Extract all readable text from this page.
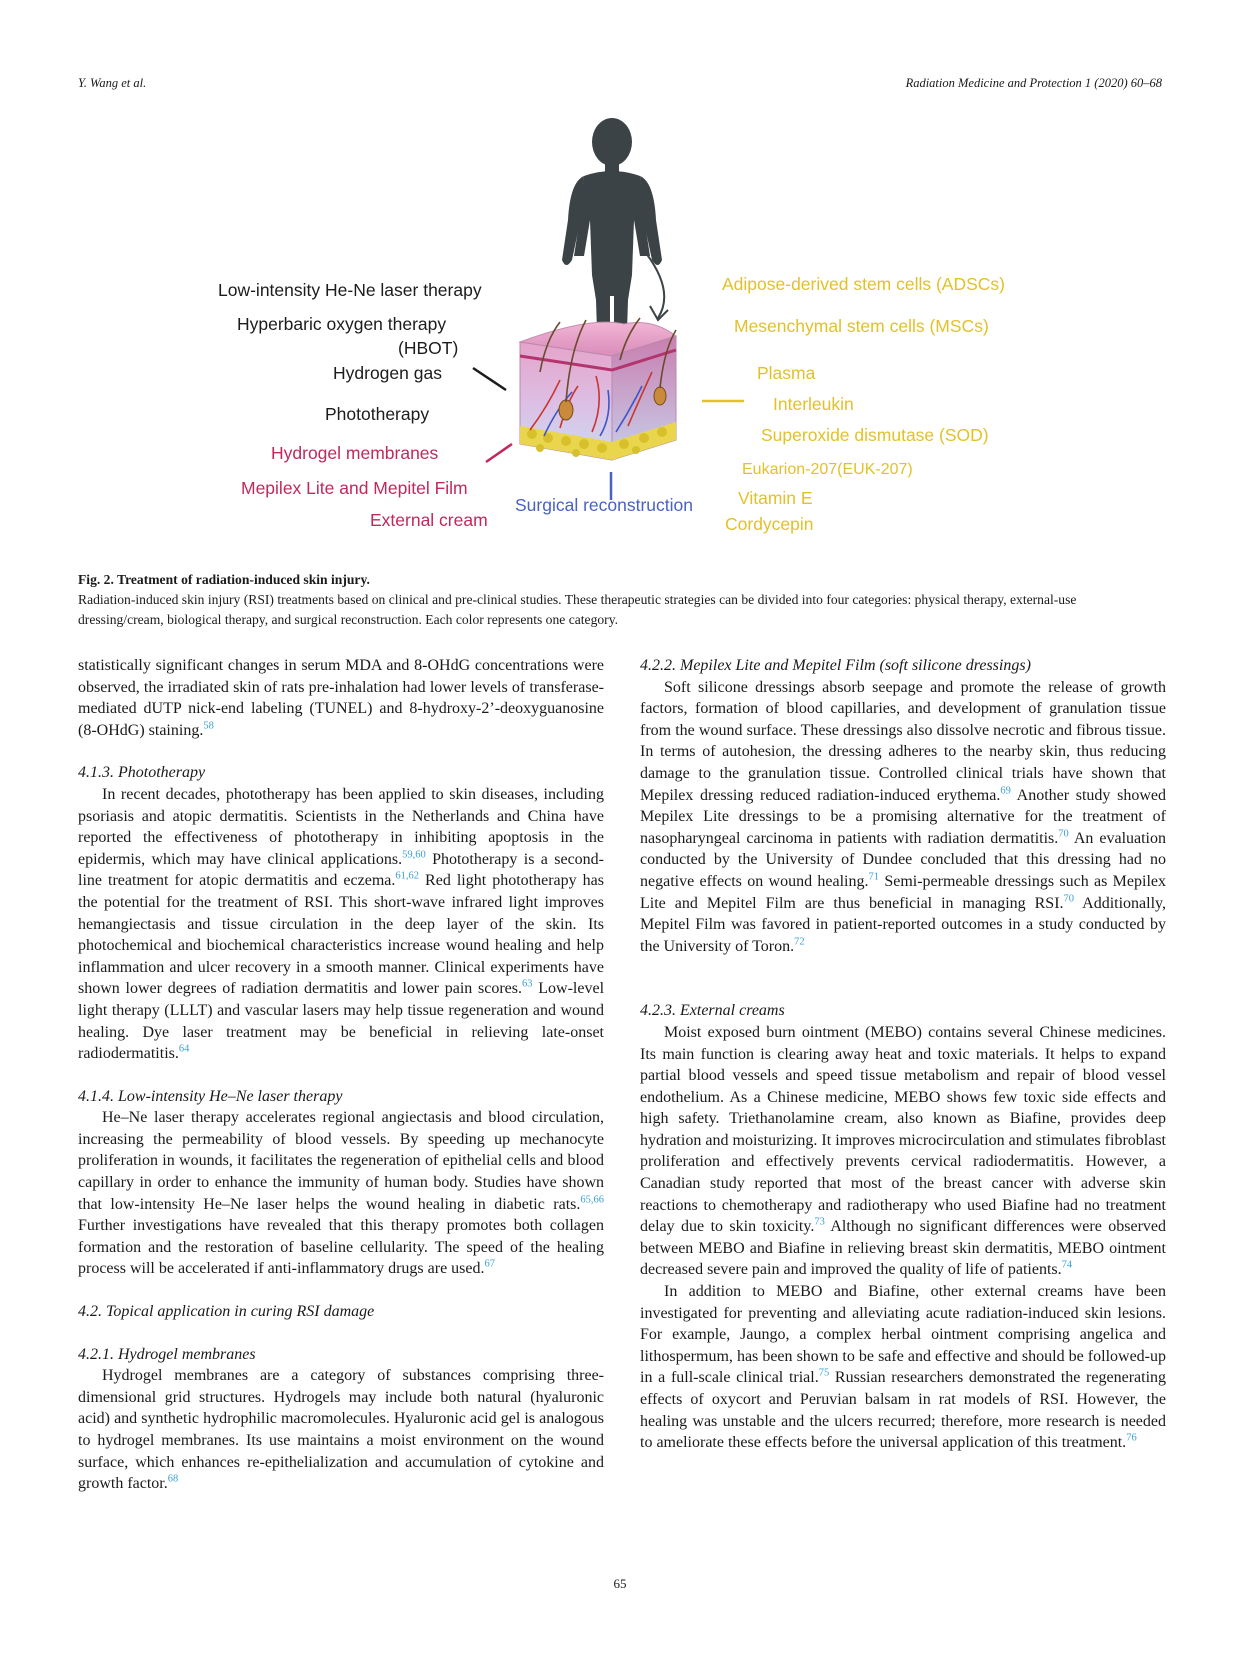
Y. Wang et al.	Radiation Medicine and Protection 1 (2020) 60–68
Low-intensity He-Ne laser therapy
Hyperbaric oxygen therapy
(HBOT)
Hydrogen gas
Phototherapy
Hydrogel membranes
Mepilex Lite and Mepitel Film
External cream
Surgical reconstruction
Adipose-derived stem cells (ADSCs)
Mesenchymal stem cells (MSCs)
Plasma
Interleukin
Superoxide dismutase (SOD)
Eukarion-207(EUK-207)
Vitamin E
Cordycepin
Fig. 2. Treatment of radiation-induced skin injury.
Radiation-induced skin injury (RSI) treatments based on clinical and pre-clinical studies. These therapeutic strategies can be divided into four categories: physical therapy, external-use dressing/cream, biological therapy, and surgical reconstruction. Each color represents one category.

statistically significant changes in serum MDA and 8-OHdG concentrations were observed, the irradiated skin of rats pre-inhalation had lower levels of transferase-mediated dUTP nick-end labeling (TUNEL) and 8-hydroxy-2’-deoxyguanosine (8-OHdG) staining.$^{58}$

4.1.3. Phototherapy

In recent decades, phototherapy has been applied to skin diseases, including psoriasis and atopic dermatitis. Scientists in the Netherlands and China have reported the effectiveness of phototherapy in inhibiting apoptosis in the epidermis, which may have clinical applications.$^{59,60}$ Phototherapy is a second-line treatment for atopic dermatitis and eczema.$^{61,62}$ Red light phototherapy has the potential for the treatment of RSI. This short-wave infrared light improves hemangiectasis and tissue circulation in the deep layer of the skin. Its photochemical and biochemical characteristics increase wound healing and help inflammation and ulcer recovery in a smooth manner. Clinical experiments have shown lower degrees of radiation dermatitis and lower pain scores.$^{63}$ Low-level light therapy (LLLT) and vascular lasers may help tissue regeneration and wound healing. Dye laser treatment may be beneficial in relieving late-onset radiodermatitis.$^{64}$

4.1.4. Low-intensity He–Ne laser therapy

He–Ne laser therapy accelerates regional angiectasis and blood circulation, increasing the permeability of blood vessels. By speeding up mechanocyte proliferation in wounds, it facilitates the regeneration of epithelial cells and blood capillary in order to enhance the immunity of human body. Studies have shown that low-intensity He–Ne laser helps the wound healing in diabetic rats.$^{65,66}$ Further investigations have revealed that this therapy promotes both collagen formation and the restoration of baseline cellularity. The speed of the healing process will be accelerated if anti-inflammatory drugs are used.$^{67}$

4.2. Topical application in curing RSI damage
4.2.1. Hydrogel membranes

Hydrogel membranes are a category of substances comprising three-dimensional grid structures. Hydrogels may include both natural (hyaluronic acid) and synthetic hydrophilic macromolecules. Hyaluronic acid gel is analogous to hydrogel membranes. Its use maintains a moist environment on the wound surface, which enhances re-epithelialization and accumulation of cytokine and growth factor.$^{68}$

4.2.2. Mepilex Lite and Mepitel Film (soft silicone dressings)

Soft silicone dressings absorb seepage and promote the release of growth factors, formation of blood capillaries, and development of granulation tissue from the wound surface. These dressings also dissolve necrotic and fibrous tissue. In terms of autohesion, the dressing adheres to the nearby skin, thus reducing damage to the granulation tissue. Controlled clinical trials have shown that Mepilex dressing reduced radiation-induced erythema.$^{69}$ Another study showed Mepilex Lite dressings to be a promising alternative for the treatment of nasopharyngeal carcinoma in patients with radiation dermatitis.$^{70}$ An evaluation conducted by the University of Dundee concluded that this dressing had no negative effects on wound healing.$^{71}$ Semi-permeable dressings such as Mepilex Lite and Mepitel Film are thus beneficial in managing RSI.$^{70}$ Additionally, Mepitel Film was favored in patient-reported outcomes in a study conducted by the University of Toron.$^{72}$

4.2.3. External creams

Moist exposed burn ointment (MEBO) contains several Chinese medicines. Its main function is clearing away heat and toxic materials. It helps to expand partial blood vessels and speed tissue metabolism and repair of blood vessel endothelium. As a Chinese medicine, MEBO shows few toxic side effects and high safety. Triethanolamine cream, also known as Biafine, provides deep hydration and moisturizing. It improves microcirculation and stimulates fibroblast proliferation and effectively prevents cervical radiodermatitis. However, a Canadian study reported that most of the breast cancer with adverse skin reactions to chemotherapy and radiotherapy who used Biafine had no treatment delay due to skin toxicity.$^{73}$ Although no significant differences were observed between MEBO and Biafine in relieving breast skin dermatitis, MEBO ointment decreased severe pain and improved the quality of life of patients.$^{74}$

In addition to MEBO and Biafine, other external creams have been investigated for preventing and alleviating acute radiation-induced skin lesions. For example, Jaungo, a complex herbal ointment comprising angelica and lithospermum, has been shown to be safe and effective and should be followed-up in a full-scale clinical trial.$^{75}$ Russian researchers demonstrated the regenerating effects of oxycort and Peruvian balsam in rat models of RSI. However, the healing was unstable and the ulcers recurred; therefore, more research is needed to ameliorate these effects before the universal application of this treatment.$^{76}$

65
